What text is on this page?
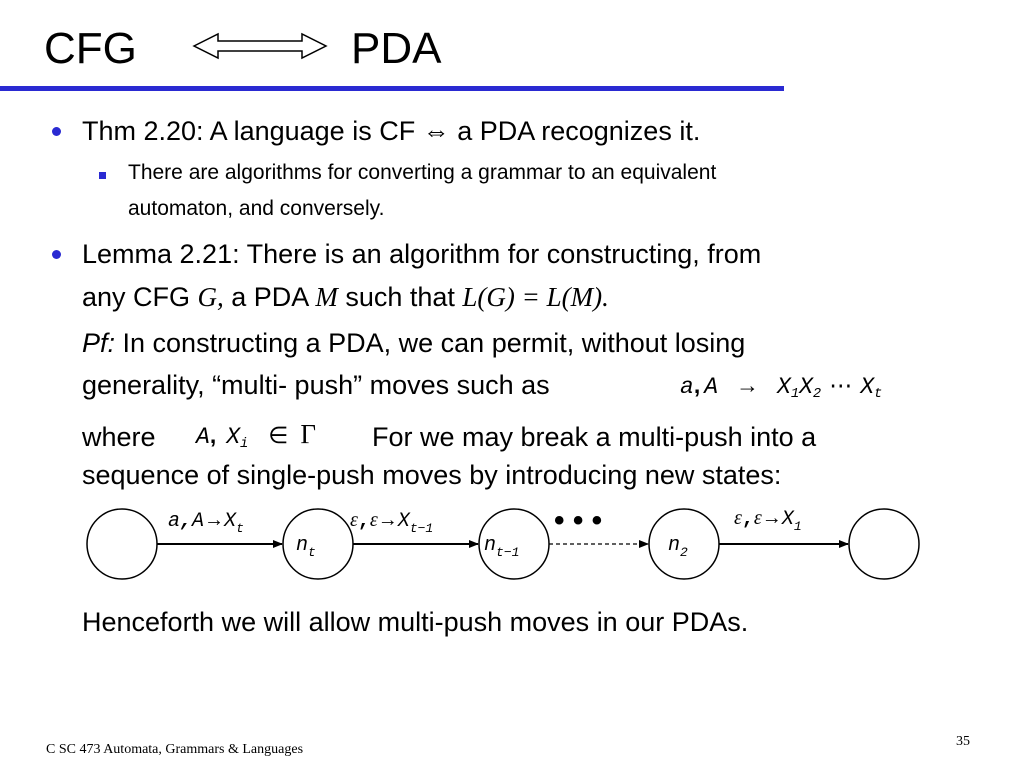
CFG	PDA
Thm 2.20: A language is CF ⇔ a PDA recognizes it.
There are algorithms for converting a grammar to an equivalent
automaton, and conversely.
Lemma 2.21: There is an algorithm for constructing, from
any CFG G, a PDA M such that L(G) = L(M).
Pf: In constructing a PDA, we can permit, without losing
generality, “multi- push” moves such as	a, $A \to X_1X_2$ ⋯ $X_t$
where A, $X_i$ ∈ Γ For we may break a multi-push into a
sequence of single-push moves by introducing new states:
$a,A\to X_t$	$\varepsilon,\varepsilon\to X_{t-1}$	$\varepsilon,\varepsilon\to X_1$
$n_t$	$n_{t-1}$	$n_2$
• • •
Henceforth we will allow multi-push moves in our PDAs.
C SC 473 Automata, Grammars & Languages
35
